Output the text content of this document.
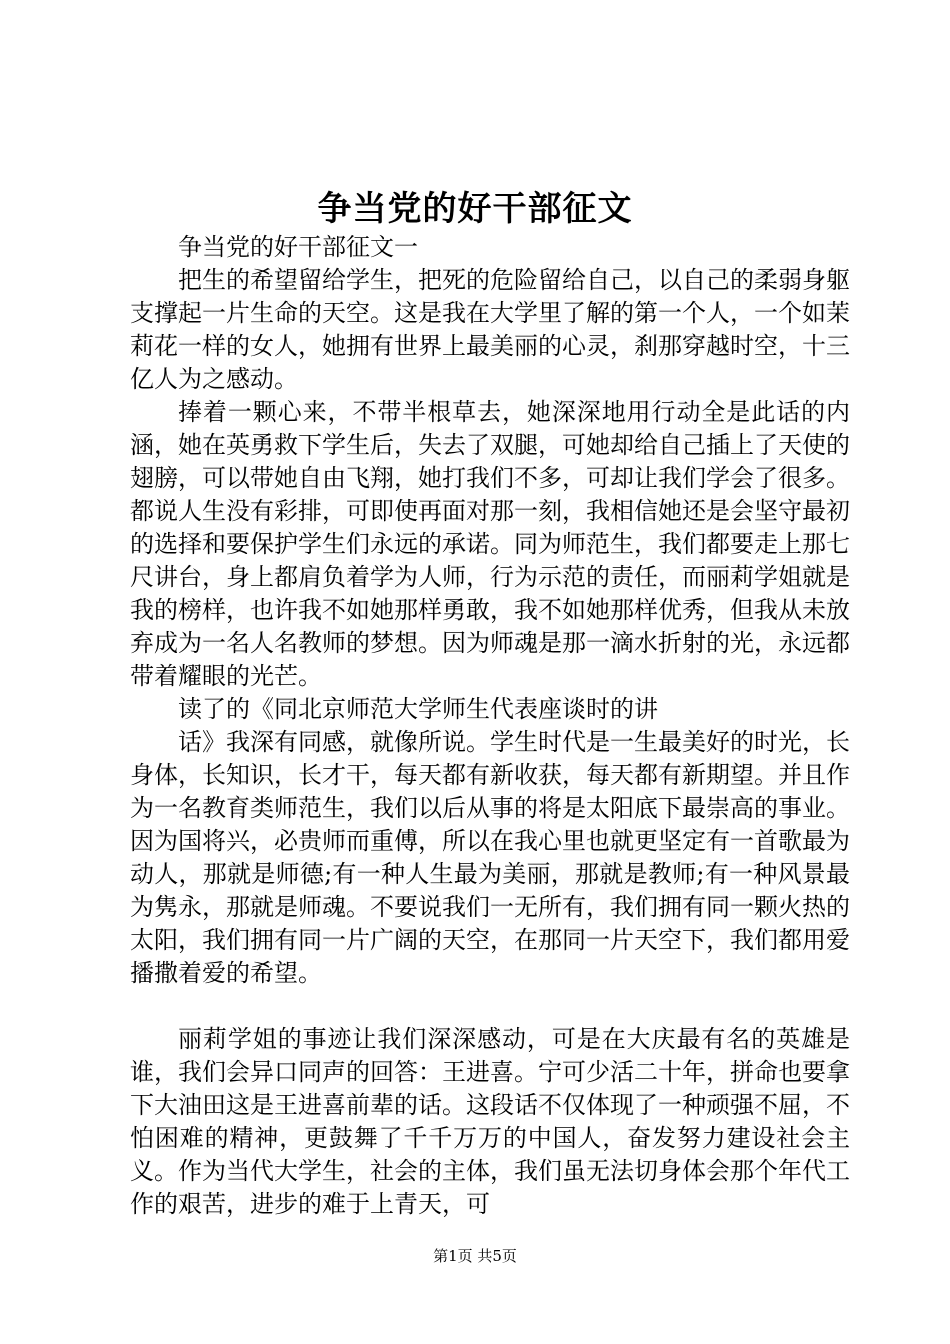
争当党的好干部征文

争当党的好干部征文一

把生的希望留给学生，把死的危险留给自己，以自己的柔弱身躯支撑起一片生命的天空。这是我在大学里了解的第一个人，一个如茉莉花一样的女人，她拥有世界上最美丽的心灵，刹那穿越时空，十三亿人为之感动。

捧着一颗心来，不带半根草去，她深深地用行动全是此话的内涵，她在英勇救下学生后，失去了双腿，可她却给自己插上了天使的翅膀，可以带她自由飞翔，她打我们不多，可却让我们学会了很多。都说人生没有彩排，可即使再面对那一刻，我相信她还是会坚守最初的选择和要保护学生们永远的承诺。同为师范生，我们都要走上那七尺讲台，身上都肩负着学为人师，行为示范的责任，而丽莉学姐就是我的榜样，也许我不如她那样勇敢，我不如她那样优秀，但我从未放弃成为一名人名教师的梦想。因为师魂是那一滴水折射的光，永远都带着耀眼的光芒。

读了的《同北京师范大学师生代表座谈时的讲

话》我深有同感，就像所说。学生时代是一生最美好的时光，长身体，长知识，长才干，每天都有新收获，每天都有新期望。并且作为一名教育类师范生，我们以后从事的将是太阳底下最崇高的事业。因为国将兴，必贵师而重傅，所以在我心里也就更坚定有一首歌最为动人，那就是师德;有一种人生最为美丽，那就是教师;有一种风景最为隽永，那就是师魂。不要说我们一无所有，我们拥有同一颗火热的太阳，我们拥有同一片广阔的天空，在那同一片天空下，我们都用爱播撒着爱的希望。

丽莉学姐的事迹让我们深深感动，可是在大庆最有名的英雄是谁，我们会异口同声的回答：王进喜。宁可少活二十年，拼命也要拿下大油田这是王进喜前辈的话。这段话不仅体现了一种顽强不屈，不怕困难的精神，更鼓舞了千千万万的中国人，奋发努力建设社会主义。作为当代大学生，社会的主体，我们虽无法切身体会那个年代工作的艰苦，进步的难于上青天，可

第1页 共5页
